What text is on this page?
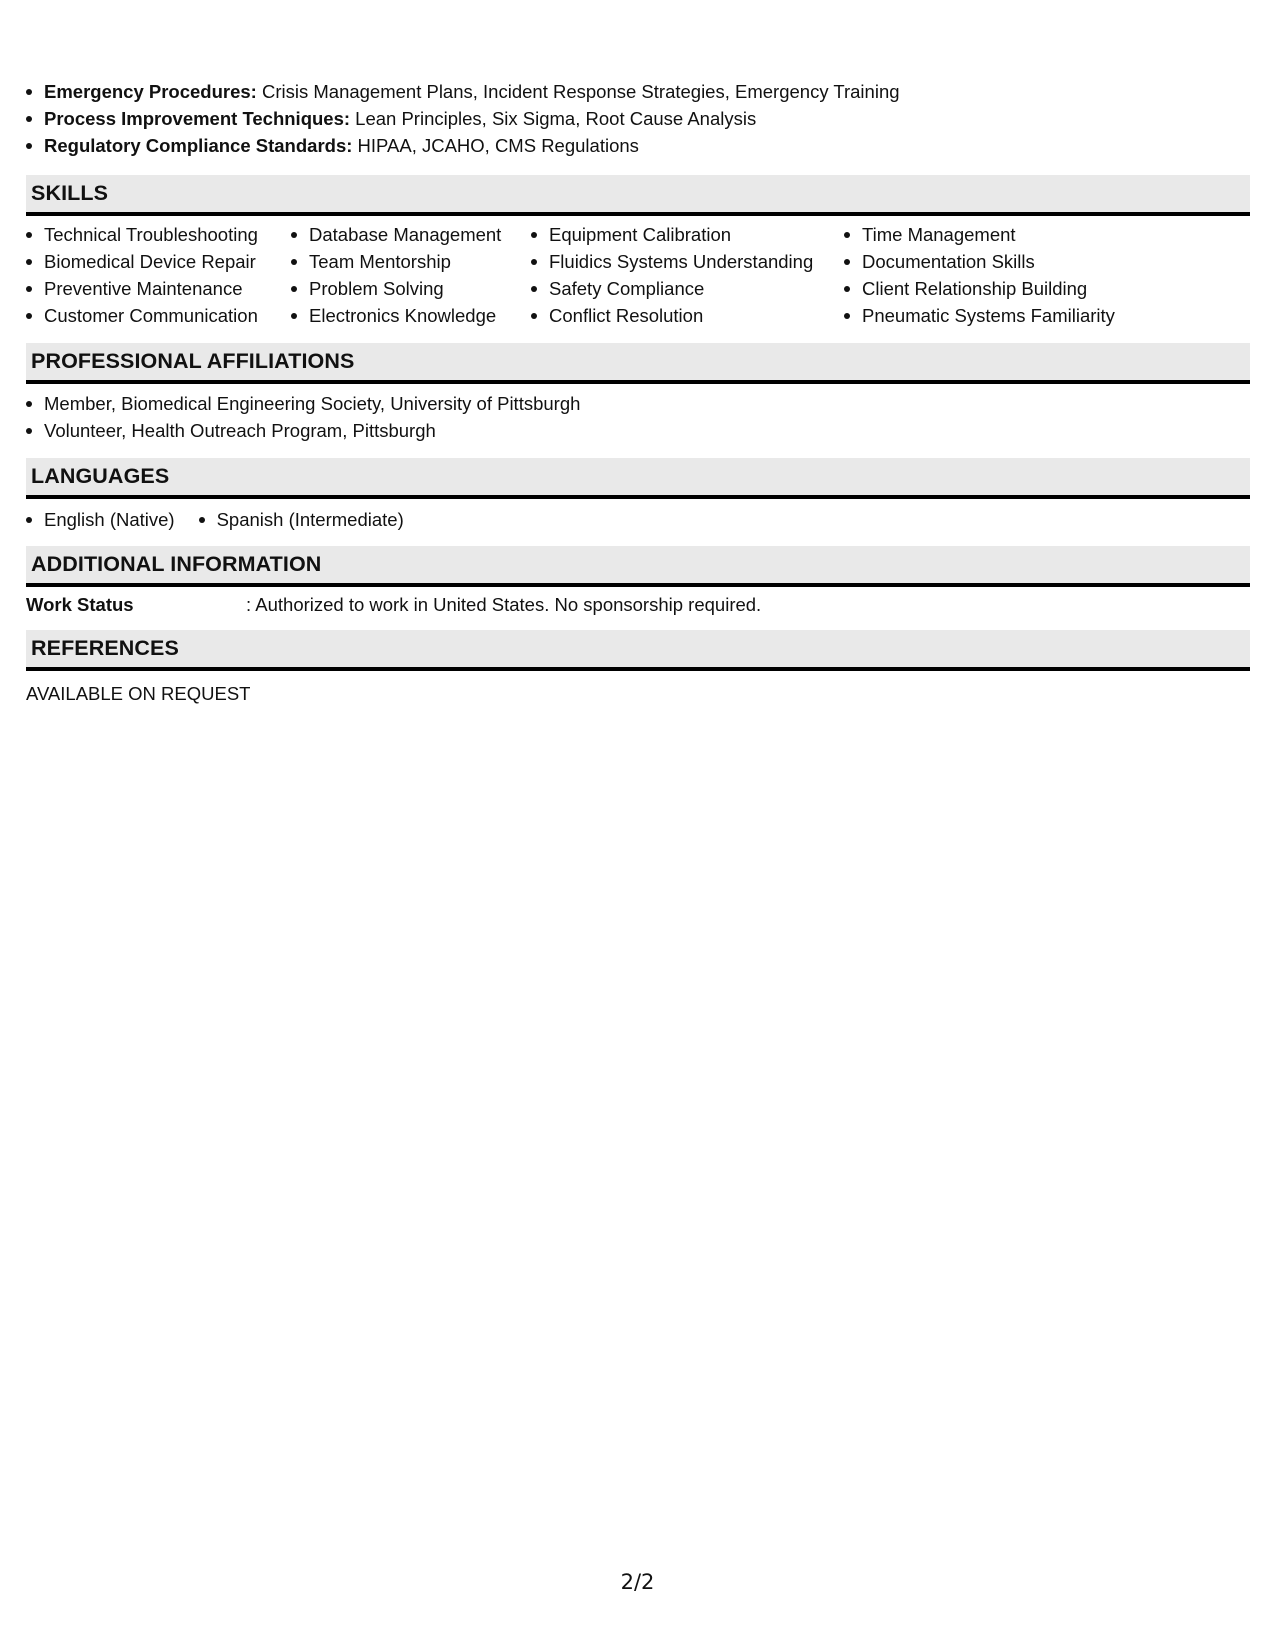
Emergency Procedures: Crisis Management Plans, Incident Response Strategies, Emergency Training
Process Improvement Techniques: Lean Principles, Six Sigma, Root Cause Analysis
Regulatory Compliance Standards: HIPAA, JCAHO, CMS Regulations
SKILLS
Technical Troubleshooting
Biomedical Device Repair
Preventive Maintenance
Customer Communication
Database Management
Team Mentorship
Problem Solving
Electronics Knowledge
Equipment Calibration
Fluidics Systems Understanding
Safety Compliance
Conflict Resolution
Time Management
Documentation Skills
Client Relationship Building
Pneumatic Systems Familiarity
PROFESSIONAL AFFILIATIONS
Member, Biomedical Engineering Society, University of Pittsburgh
Volunteer, Health Outreach Program, Pittsburgh
LANGUAGES
English (Native)	Spanish (Intermediate)
ADDITIONAL INFORMATION
Work Status	: Authorized to work in United States. No sponsorship required.
REFERENCES
AVAILABLE ON REQUEST
2/2
